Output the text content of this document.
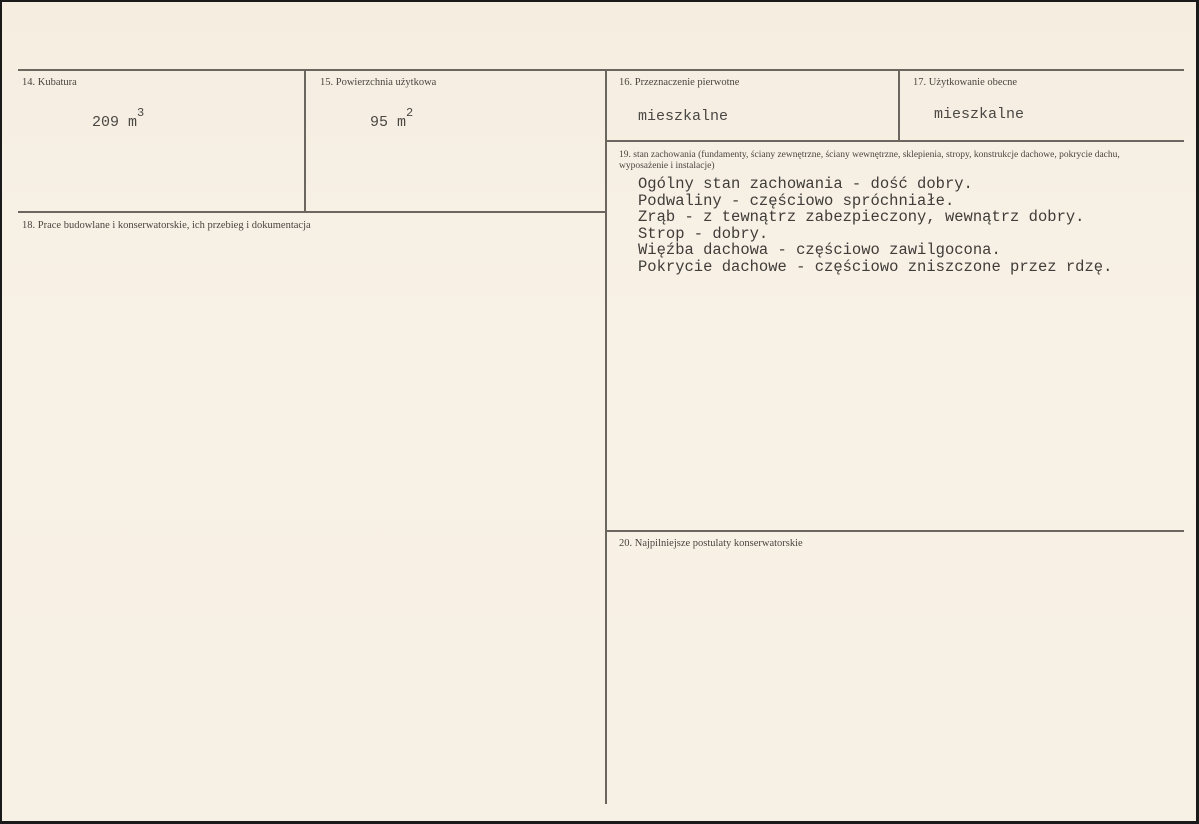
14. Kubatura
209 $m^3$
15. Powierzchnia użytkowa
95 $m^2$
16. Przeznaczenie pierwotne
mieszkalne
17. Użytkowanie obecne
mieszkalne
18. Prace budowlane i konserwatorskie, ich przebieg i dokumentacja
19. stan zachowania (fundamenty, ściany zewnętrzne, ściany wewnętrzne, sklepienia, stropy, konstrukcje dachowe, pokrycie dachu, wyposażenie i instalacje)
Ogólny stan zachowania - dość dobry.
Podwaliny - częściowo spróchniałe.
Zrąb - z tewnątrz zabezpieczony, wewnątrz dobry.
Strop - dobry.
Więźba dachowa - częściowo zawilgocona.
Pokrycie dachowe - częściowo zniszczone przez rdzę.
20. Najpilniejsze postulaty konserwatorskie
